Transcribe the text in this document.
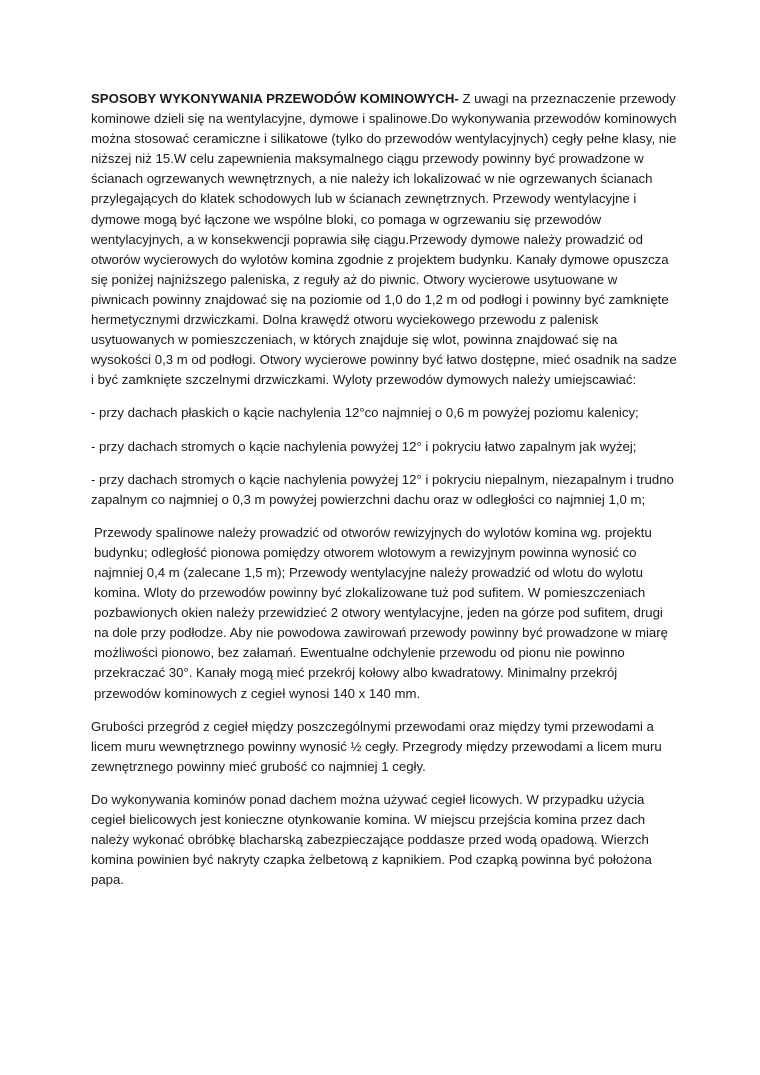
SPOSOBY WYKONYWANIA PRZEWODÓW KOMINOWYCH- Z uwagi na przeznaczenie przewody kominowe dzieli się na wentylacyjne, dymowe i spalinowe.Do wykonywania przewodów kominowych można stosować ceramiczne i silikatowe (tylko do przewodów wentylacyjnych) cegły pełne klasy, nie niższej niż 15.W celu zapewnienia maksymalnego ciągu przewody powinny być prowadzone w ścianach ogrzewanych wewnętrznych, a nie należy ich lokalizować w nie ogrzewanych ścianach przylegających do klatek schodowych lub w ścianach zewnętrznych. Przewody wentylacyjne i dymowe mogą być łączone we wspólne bloki, co pomaga w ogrzewaniu się przewodów wentylacyjnych, a w konsekwencji poprawia siłę ciągu.Przewody dymowe należy prowadzić od otworów wycierowych do wylotów komina zgodnie z projektem budynku. Kanały dymowe opuszcza się poniżej najniższego paleniska, z reguły aż do piwnic. Otwory wycierowe usytuowane w piwnicach powinny znajdować się na poziomie od 1,0 do 1,2 m od podłogi i powinny być zamknięte hermetycznymi drzwiczkami. Dolna krawędź otworu wyciekowego przewodu z palenisk usytuowanych w pomieszczeniach, w których znajduje się wlot, powinna znajdować się na wysokości 0,3 m od podłogi. Otwory wycierowe powinny być łatwo dostępne, mieć osadnik na sadze i być zamknięte szczelnymi drzwiczkami. Wyloty przewodów dymowych należy umiejscawiać:

- przy dachach płaskich o kącie nachylenia 12°co najmniej o 0,6 m powyżej poziomu kalenicy;

- przy dachach stromych o kącie nachylenia powyżej 12° i pokryciu łatwo zapalnym jak wyżej;

- przy dachach stromych o kącie nachylenia powyżej 12° i pokryciu niepalnym, niezapalnym i trudno zapalnym co najmniej o 0,3 m powyżej powierzchni dachu oraz w odległości co najmniej 1,0 m;

Przewody spalinowe należy prowadzić od otworów rewizyjnych do wylotów komina wg. projektu budynku; odległość pionowa pomiędzy otworem wlotowym a rewizyjnym powinna wynosić co najmniej 0,4 m (zalecane 1,5 m); Przewody wentylacyjne należy prowadzić od wlotu do wylotu komina. Wloty do przewodów powinny być zlokalizowane tuż pod sufitem. W pomieszczeniach pozbawionych okien należy przewidzieć 2 otwory wentylacyjne, jeden na górze pod sufitem, drugi na dole przy podłodze. Aby nie powodowa zawirowań przewody powinny być prowadzone w miarę możliwości pionowo, bez załamań. Ewentualne odchylenie przewodu od pionu nie powinno przekraczać 30°. Kanały mogą mieć przekrój kołowy albo kwadratowy. Minimalny przekrój przewodów kominowych z cegieł wynosi 140 x 140 mm.

Grubości przegród z cegieł między poszczególnymi przewodami oraz między tymi przewodami a licem muru wewnętrznego powinny wynosić ½ cegły. Przegrody między przewodami a licem muru zewnętrznego powinny mieć grubość co najmniej 1 cegły.

Do wykonywania kominów ponad dachem można używać cegieł licowych. W przypadku użycia cegieł bielicowych jest konieczne otynkowanie komina. W miejscu przejścia komina przez dach należy wykonać obróbkę blacharską zabezpieczające poddasze przed wodą opadową. Wierzch komina powinien być nakryty czapka żelbetową z kapnikiem. Pod czapką powinna być położona papa.
